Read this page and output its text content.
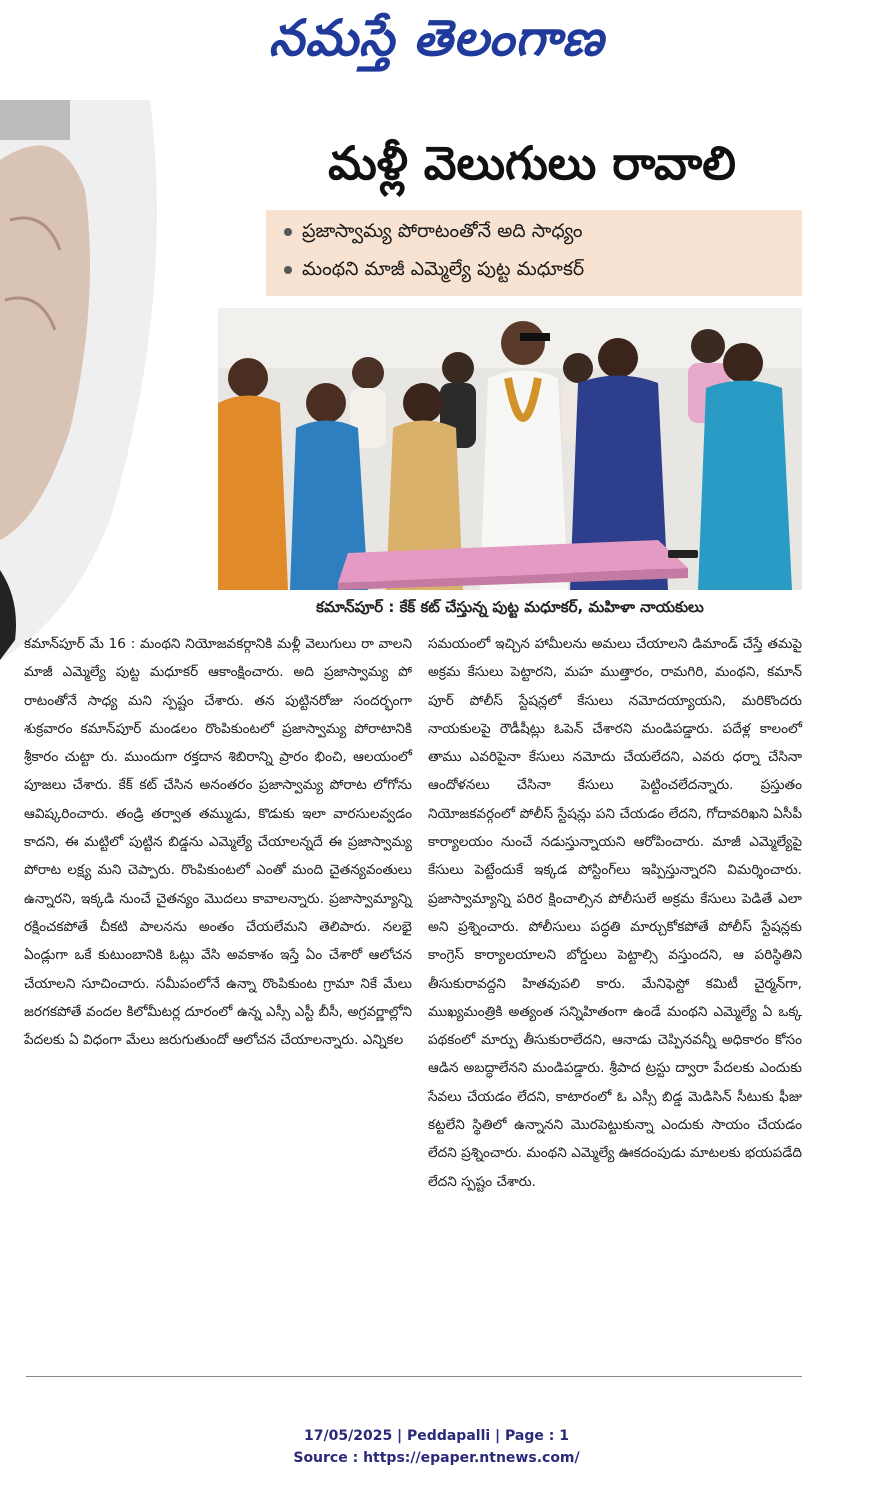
నమస్తే తెలంగాణ
మళ్లీ వెలుగులు రావాలి
ప్రజాస్వామ్య పోరాటంతోనే అది సాధ్యం
మంథని మాజీ ఎమ్మెల్యే పుట్ట మధూకర్
కమాన్‌పూర్ : కేక్ కట్ చేస్తున్న పుట్ట మధూకర్, మహిళా నాయకులు

కమాన్‌పూర్ మే 16 : మంథని నియోజవకర్గానికి మళ్లీ వెలుగులు రా వాలని మాజీ ఎమ్మెల్యే పుట్ట మధూకర్ ఆకాంక్షించారు. అది ప్రజాస్వామ్య పో రాటంతోనే సాధ్య మని స్పష్టం చేశారు. తన పుట్టినరోజు సందర్భంగా శుక్రవారం కమాన్‌పూర్ మండలం రొంపికుంటలో ప్రజాస్వామ్య పోరాటానికి శ్రీకారం చుట్టా రు. ముందుగా రక్తదాన శిబిరాన్ని ప్రారం భించి, ఆలయంలో పూజలు చేశారు. కేక్ కట్ చేసిన అనంతరం ప్రజాస్వామ్య పోరాట లోగోను ఆవిష్కరించారు. తండ్రి తర్వాత తమ్ముడు, కొడుకు ఇలా వారసులవ్వడం కాదని, ఈ మట్టిలో పుట్టిన బిడ్డను ఎమ్మెల్యే చేయాలన్నదే ఈ ప్రజాస్వామ్య పోరాట లక్ష్య మని చెప్పారు. రొంపికుంటలో ఎంతో మంది చైతన్యవంతులు ఉన్నారని, ఇక్కడి నుంచే చైతన్యం మొదలు కావాలన్నారు. ప్రజాస్వామ్యాన్ని రక్షించకపోతే చీకటి పాలనను అంతం చేయలేమని తెలిపారు. నలభై ఏండ్లుగా ఒకే కుటుంబానికి ఓట్లు వేసి అవకాశం ఇస్తే ఏం చేశారో ఆలోచన చేయాలని సూచించారు. సమీపంలోనే ఉన్నా రొంపికుంట గ్రామా నికే మేలు జరగకపోతే వందల కిలోమీటర్ల దూరంలో ఉన్న ఎస్సీ ఎస్టీ బీసీ, అగ్రవర్ణాల్లోని పేదలకు ఏ విధంగా మేలు జరుగుతుందో ఆలోచన చేయాలన్నారు. ఎన్నికల

సమయంలో ఇచ్చిన హామీలను అమలు చేయాలని డిమాండ్ చేస్తే తమపై అక్రమ కేసులు పెట్టారని, మహ ముత్తారం, రామగిరి, మంథని, కమాన్ పూర్ పోలీస్ స్టేషన్లలో కేసులు నమోదయ్యాయని, మరికొందరు నాయకులపై రౌడీషీట్లు ఓపెన్ చేశారని మండిపడ్డారు. పదేళ్ల కాలంలో తాము ఎవరిపైనా కేసులు నమోదు చేయలేదని, ఎవరు ధర్నా చేసినా ఆందోళనలు చేసినా కేసులు పెట్టించలేదన్నారు. ప్రస్తుతం నియోజకవర్గంలో పోలీస్ స్టేషన్లు పని చేయడం లేదని, గోదావరిఖని ఏసీపీ కార్యాలయం నుంచే నడుస్తున్నాయని ఆరోపించారు. మాజీ ఎమ్మెల్యేపై కేసులు పెట్టేందుకే ఇక్కడ పోస్టింగ్‌లు ఇప్పిస్తున్నారని విమర్శించారు. ప్రజాస్వామ్యాన్ని పరిర క్షించాల్సిన పోలీసులే అక్రమ కేసులు పెడితే ఎలా అని ప్రశ్నించారు. పోలీసులు పద్ధతి మార్చుకోకపోతే పోలీస్ స్టేషన్లకు కాంగ్రెస్ కార్యాలయాలని బోర్డులు పెట్టాల్సి వస్తుందని, ఆ పరిస్థితిని తీసుకురావద్దని హితవుపలి కారు. మేనిఫెస్టో కమిటీ చైర్మన్‌గా, ముఖ్యమంత్రికి అత్యంత సన్నిహితంగా ఉండే మంథని ఎమ్మెల్యే ఏ ఒక్క పథకంలో మార్పు తీసుకురాలేదని, ఆనాడు చెప్పినవన్నీ అధికారం కోసం ఆడిన అబద్ధాలేనని మండిపడ్డారు. శ్రీపాద ట్రస్టు ద్వారా పేదలకు ఎందుకు సేవలు చేయడం లేదని, కాటారంలో ఓ ఎస్సీ బిడ్డ మెడిసిన్ సీటుకు ఫీజు కట్టలేని స్థితిలో ఉన్నానని మొరపెట్టుకున్నా ఎందుకు సాయం చేయడం లేదని ప్రశ్నించారు. మంథని ఎమ్మెల్యే ఊకదంపుడు మాటలకు భయపడేది లేదని స్పష్టం చేశారు.

17/05/2025 | Peddapalli | Page : 1
Source : https://epaper.ntnews.com/
